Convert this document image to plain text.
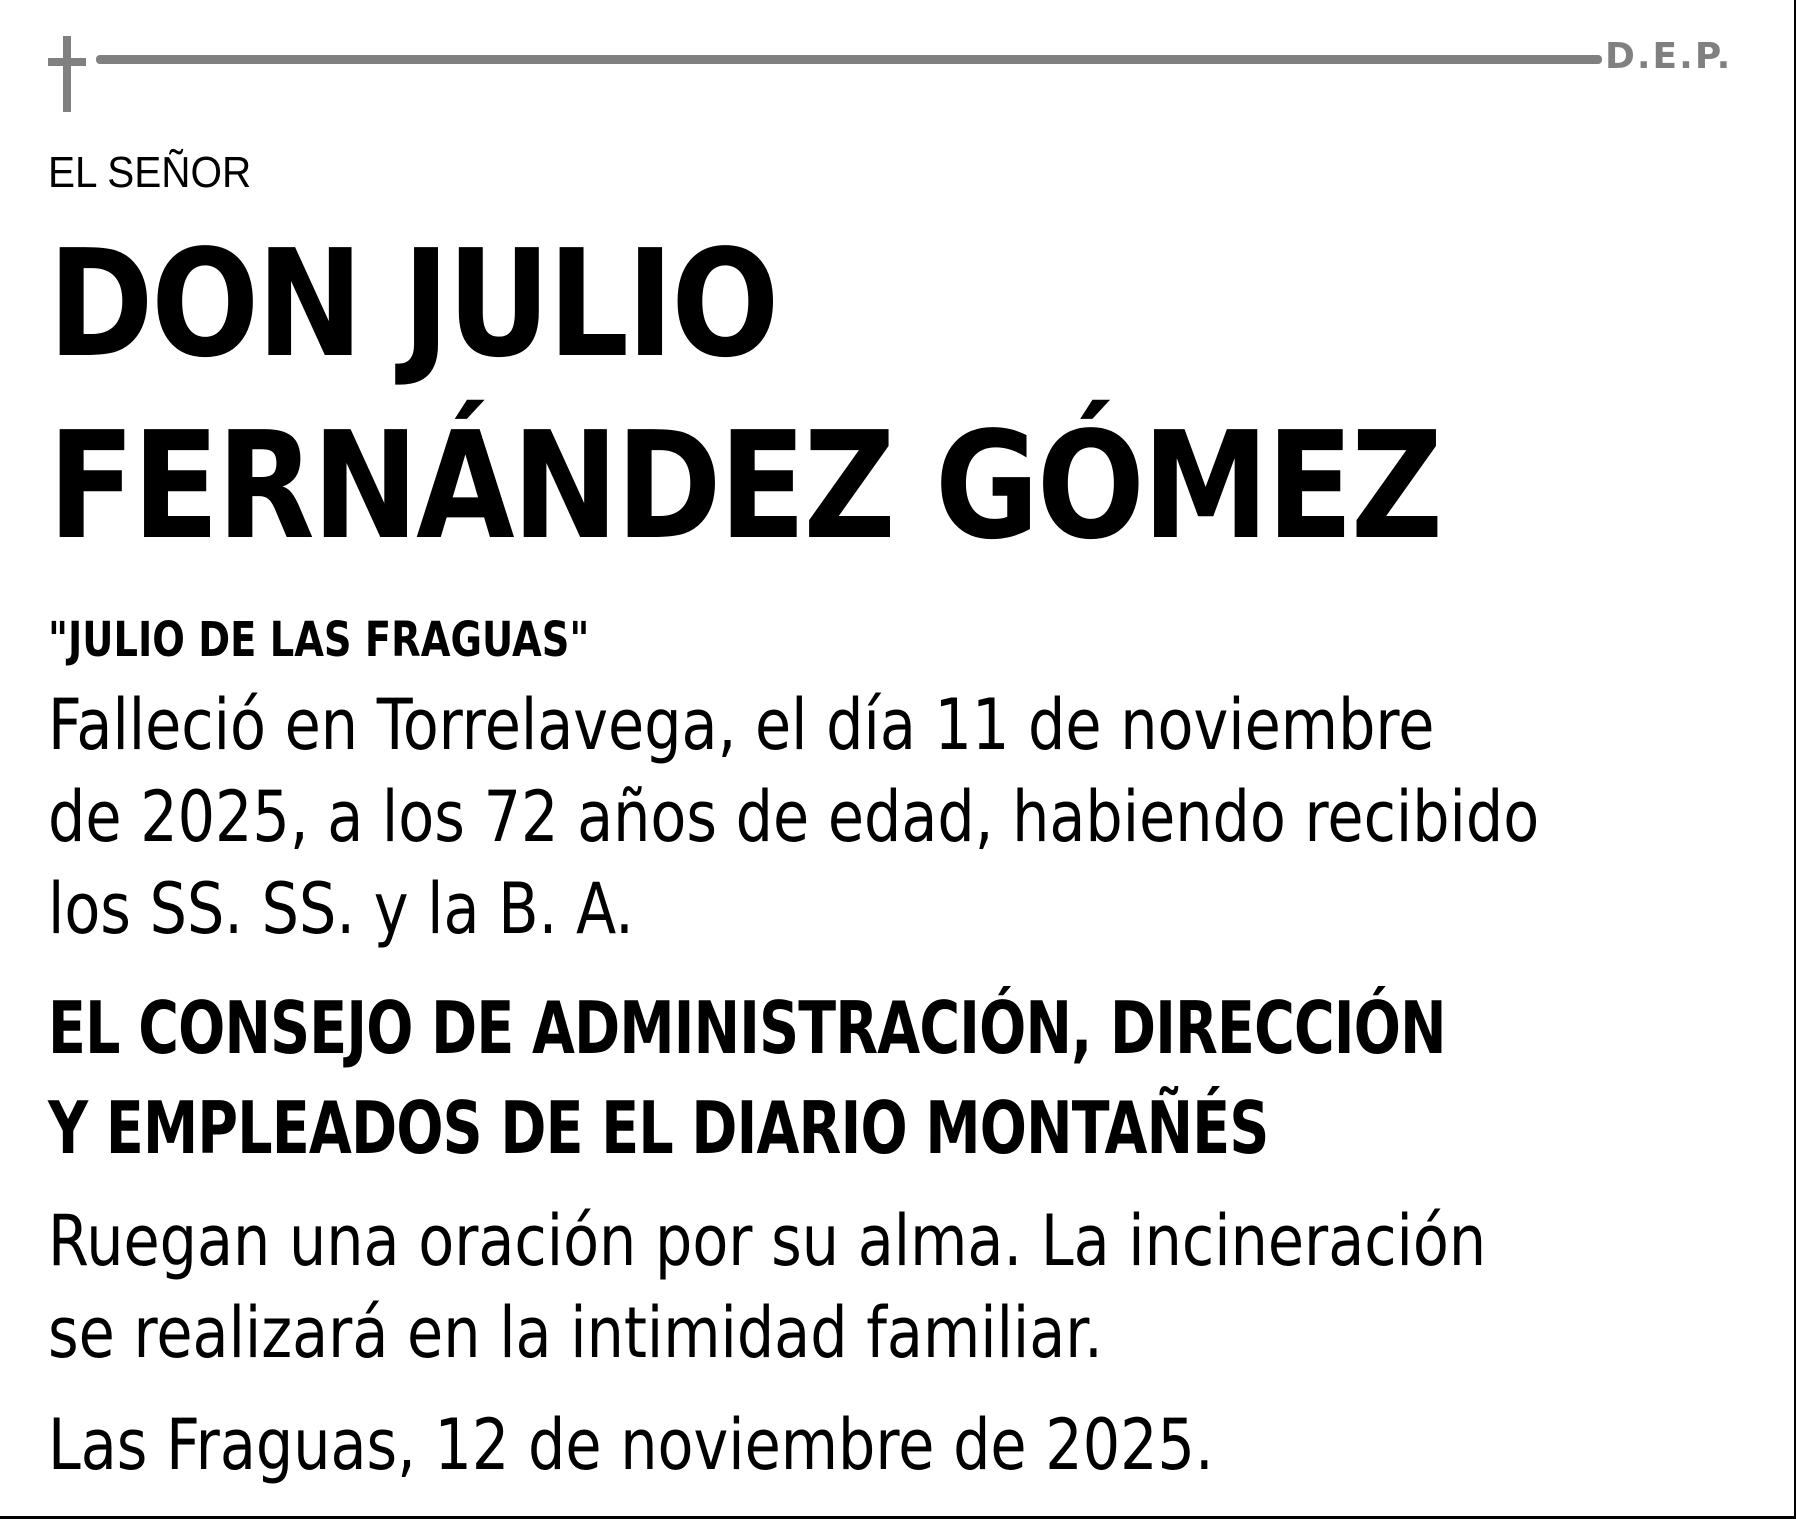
D.E.P.
EL SEÑOR
DON JULIO
FERNÁNDEZ GÓMEZ
"JULIO DE LAS FRAGUAS"
Falleció en Torrelavega, el día 11 de noviembre
de 2025, a los 72 años de edad, habiendo recibido
los SS. SS. y la B. A.
EL CONSEJO DE ADMINISTRACIÓN, DIRECCIÓN
Y EMPLEADOS DE EL DIARIO MONTAÑÉS
Ruegan una oración por su alma. La incineración
se realizará en la intimidad familiar.
Las Fraguas, 12 de noviembre de 2025.
